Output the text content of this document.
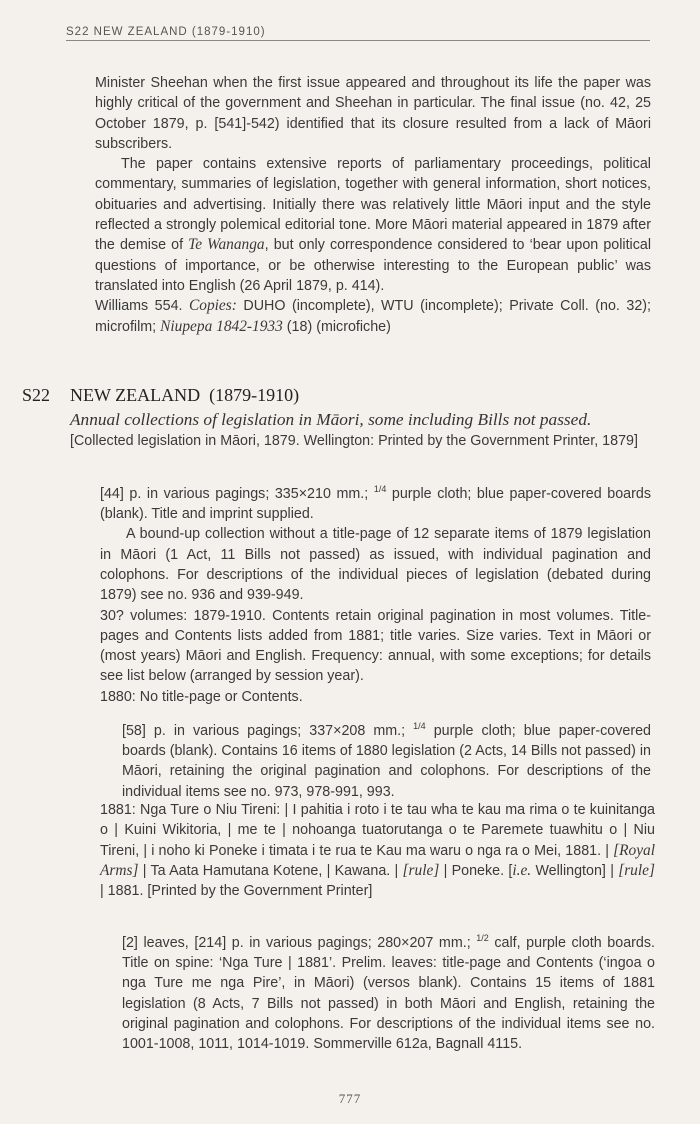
S22 NEW ZEALAND (1879-1910)

Minister Sheehan when the first issue appeared and throughout its life the paper was highly critical of the government and Sheehan in particular. The final issue (no. 42, 25 October 1879, p. [541]-542) identified that its closure resulted from a lack of Māori subscribers.

The paper contains extensive reports of parliamentary proceedings, political commentary, summaries of legislation, together with general information, short notices, obituaries and advertising. Initially there was relatively little Māori input and the style reflected a strongly polemical editorial tone. More Māori material appeared in 1879 after the demise of Te Wananga, but only correspondence considered to ‘bear upon political questions of importance, or be otherwise interesting to the European public’ was translated into English (26 April 1879, p. 414).

Williams 554. Copies: DUHO (incomplete), WTU (incomplete); Private Coll. (no. 32); microfilm; Niupepa 1842-1933 (18) (microfiche)

S22 NEW ZEALAND (1879-1910)
Annual collections of legislation in Māori, some including Bills not passed.
[Collected legislation in Māori, 1879. Wellington: Printed by the Government Printer, 1879]

[44] p. in various pagings; 335×210 mm.; $^{1/4}$ purple cloth; blue paper-covered boards (blank). Title and imprint supplied.

A bound-up collection without a title-page of 12 separate items of 1879 legislation in Māori (1 Act, 11 Bills not passed) as issued, with individual pagination and colophons. For descriptions of the individual pieces of legislation (debated during 1879) see no. 936 and 939-949.

30? volumes: 1879-1910. Contents retain original pagination in most volumes. Title-pages and Contents lists added from 1881; title varies. Size varies. Text in Māori or (most years) Māori and English. Frequency: annual, with some exceptions; for details see list below (arranged by session year).

1880: No title-page or Contents.

[58] p. in various pagings; 337×208 mm.; $^{1/4}$ purple cloth; blue paper-covered boards (blank). Contains 16 items of 1880 legislation (2 Acts, 14 Bills not passed) in Māori, retaining the original pagination and colophons. For descriptions of the individual items see no. 973, 978-991, 993.

1881: Nga Ture o Niu Tireni: | I pahitia i roto i te tau wha te kau ma rima o te kuinitanga o | Kuini Wikitoria, | me te | nohoanga tuatorutanga o te Paremete tuawhitu o | Niu Tireni, | i noho ki Poneke i timata i te rua te Kau ma waru o nga ra o Mei, 1881. | [Royal Arms] | Ta Aata Hamutana Kotene, | Kawana. | [rule] | Poneke. [i.e. Wellington] | [rule] | 1881. [Printed by the Government Printer]

[2] leaves, [214] p. in various pagings; 280×207 mm.; $^{1/2}$ calf, purple cloth boards. Title on spine: ‘Nga Ture | 1881’. Prelim. leaves: title-page and Contents (‘ingoa o nga Ture me nga Pire’, in Māori) (versos blank). Contains 15 items of 1881 legislation (8 Acts, 7 Bills not passed) in both Māori and English, retaining the original pagination and colophons. For descriptions of the individual items see no. 1001-1008, 1011, 1014-1019. Sommerville 612a, Bagnall 4115.

777
